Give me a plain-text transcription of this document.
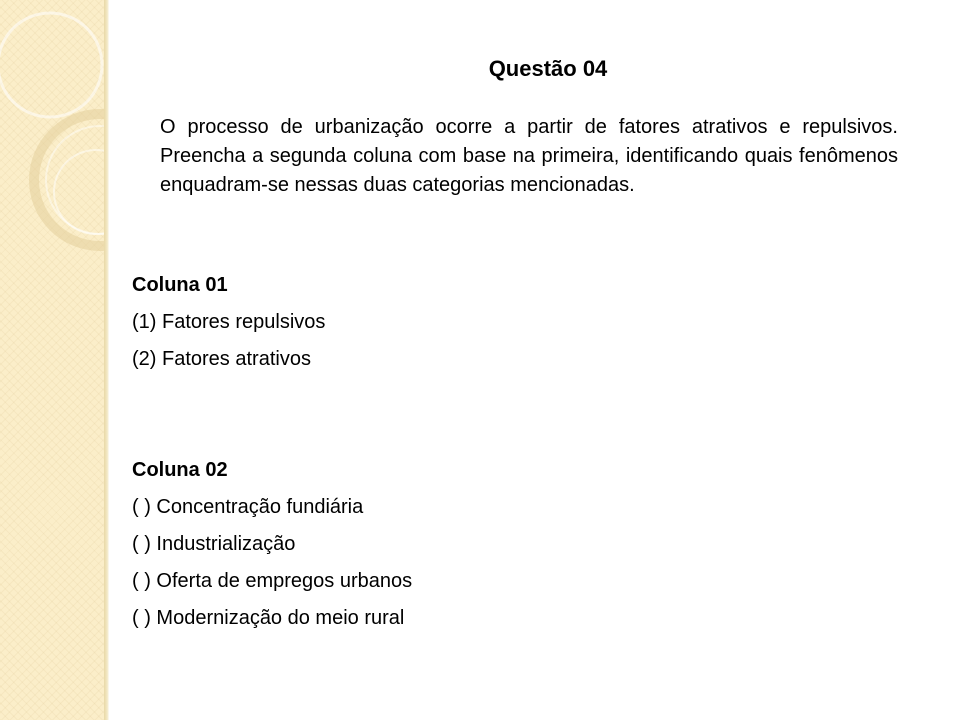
Questão 04

O processo de urbanização ocorre a partir de fatores atrativos e repulsivos. Preencha a segunda coluna com base na primeira, identificando quais fenômenos enquadram-se nessas duas categorias mencionadas.

Coluna 01
(1) Fatores repulsivos
(2) Fatores atrativos
Coluna 02
( ) Concentração fundiária
( ) Industrialização
( ) Oferta de empregos urbanos
( ) Modernização do meio rural
